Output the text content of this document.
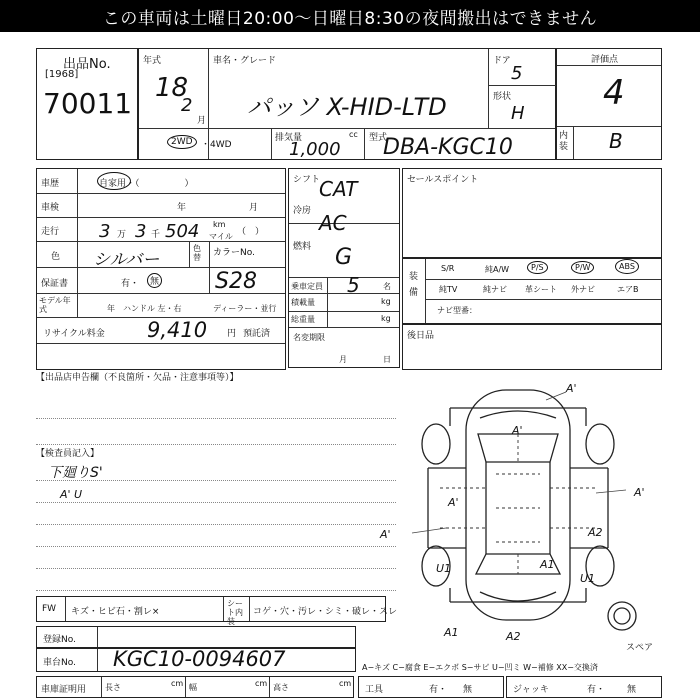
この車両は土曜日20:00〜日曜日8:30の夜間搬出はできません
出品No.
[1968]
70011
年式
18
2
月
車名・グレード
パッソ X-HID-LTD
ドア
5
形状
H
2WD ・4WD
排気量	cc
1,000
型式
DBA-KGC10
評価点
4
内装 B
車歴	自家用・（　　　　　）
車検	年	月
走行 3 万 3 千 504 km
マイル （　）
色 シルバー
色替 カラーNo.
保証書	有・	無	S28
モデル年式	年 ハンドル 左・右	ディーラー・並行
リサイクル料金 9,410 円 預託済
シフト
CAT
冷房 AC
燃料 G
乗車定員 5	名
積載量	kg
総重量	kg
名変期限
月	日
セールスポイント
装備
S/R	純A/W	P/S	P/W	ABS
純TV	純ナビ 革シート 外ナビ	エアB
ナビ型番：
後日品
【出品店申告欄（不良箇所・欠品・注意事項等）】
【検査員記入】
下廻りS'
A' U
A'
A'
A'
A'
A'
A2
U1
A1	A2
U1	A1
スペア
FW キズ・ヒビ石・割レ×
シート内装
コゲ・穴・汚レ・シミ・破レ・スレ
登録No.
車台No. KGC10-0094607	A−キズ C−腐食 E−エクボ S−サビ U−凹ミ W−補修 XX−交換済
車庫証明用 長さ	cm 幅	cm 高さ	cm
工具	有・ 無	ジャッキ	有・ 無
